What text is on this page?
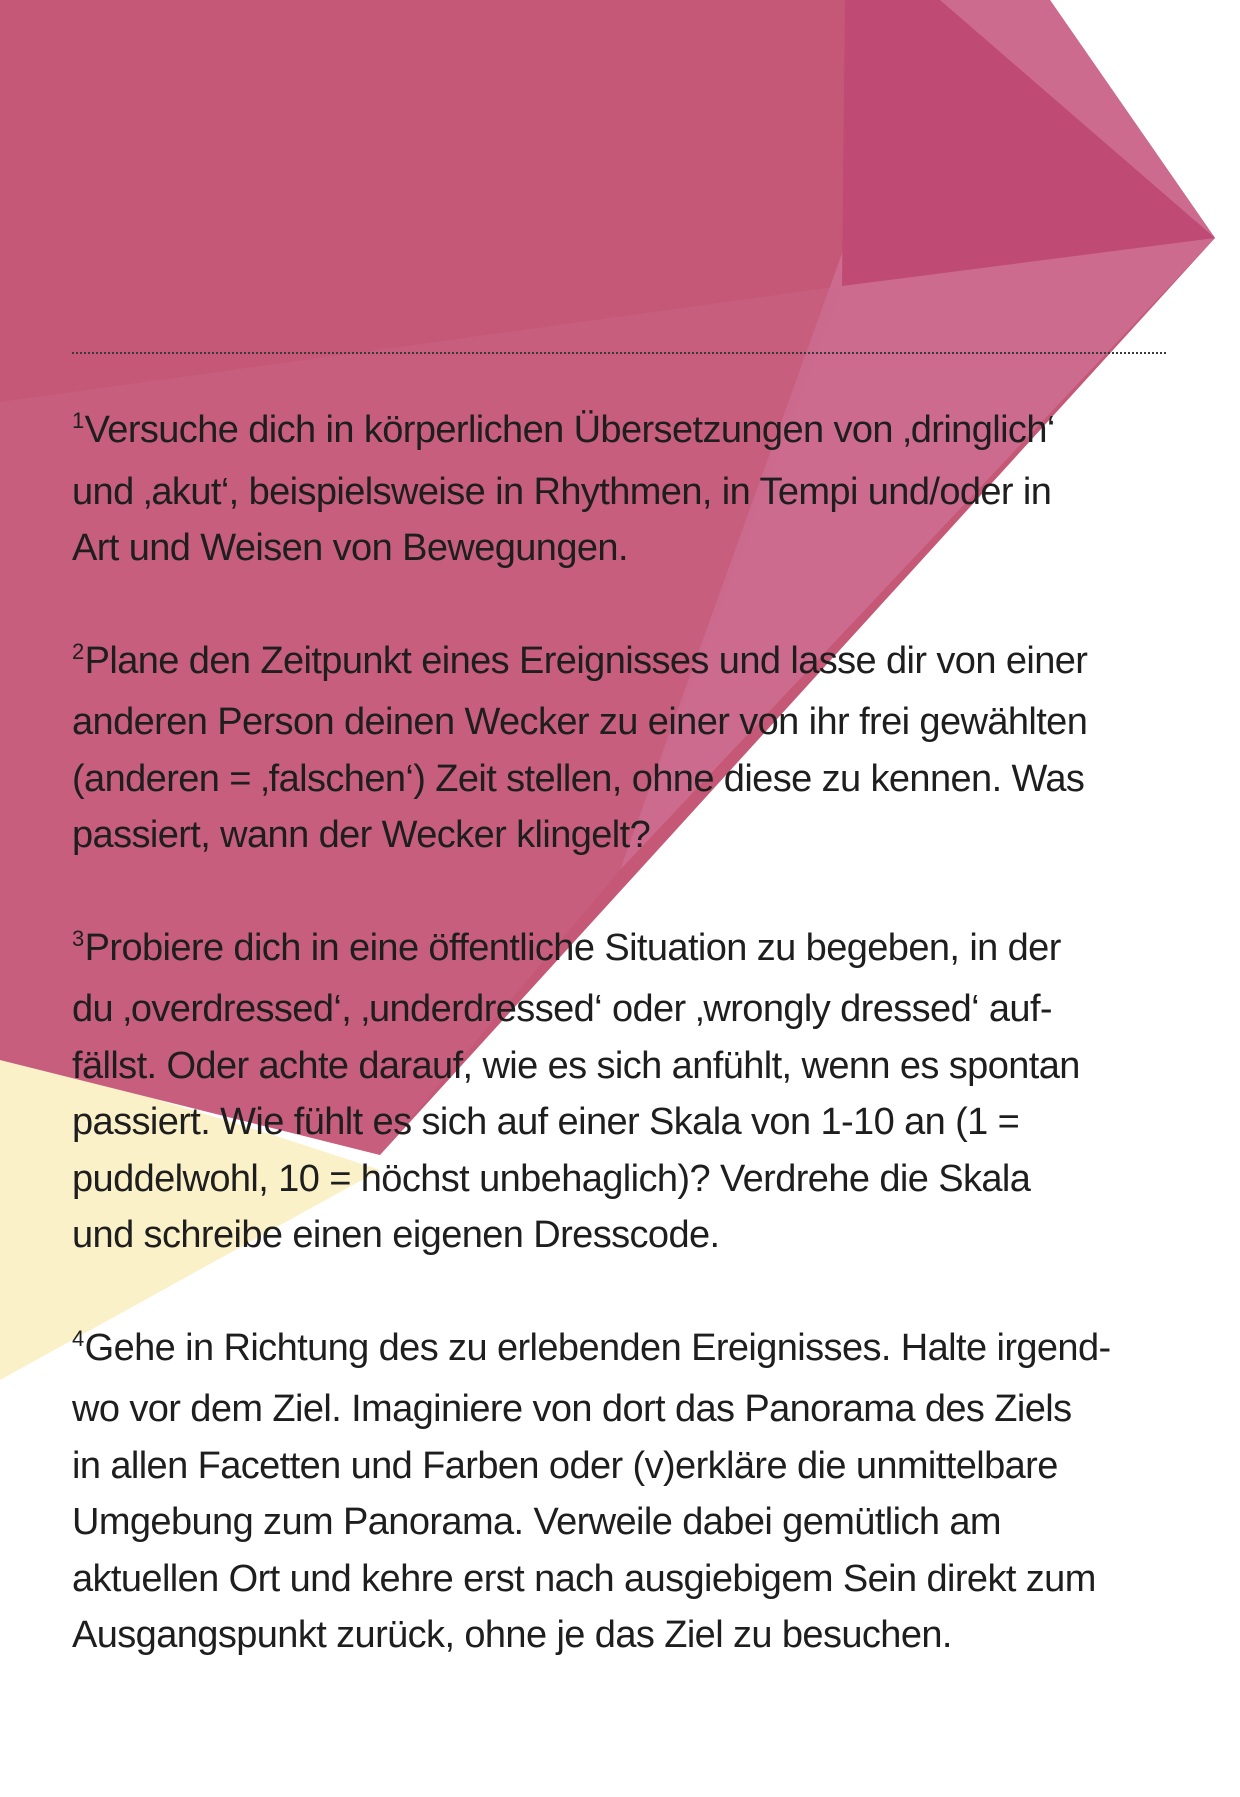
$^1$Versuche dich in körperlichen Übersetzungen von ‚dringlich‘
und ‚akut‘, beispielsweise in Rhythmen, in Tempi und/oder in
Art und Weisen von Bewegungen.

$^2$Plane den Zeitpunkt eines Ereignisses und lasse dir von einer
anderen Person deinen Wecker zu einer von ihr frei gewählten
(anderen = ‚falschen‘) Zeit stellen, ohne diese zu kennen. Was
passiert, wann der Wecker klingelt?

$^3$Probiere dich in eine öffentliche Situation zu begeben, in der
du ‚overdressed‘, ‚underdressed‘ oder ‚wrongly dressed‘ auf-
fällst. Oder achte darauf, wie es sich anfühlt, wenn es spontan
passiert. Wie fühlt es sich auf einer Skala von 1-10 an (1 =
puddelwohl, 10 = höchst unbehaglich)? Verdrehe die Skala
und schreibe einen eigenen Dresscode.

$^4$Gehe in Richtung des zu erlebenden Ereignisses. Halte irgend-
wo vor dem Ziel. Imaginiere von dort das Panorama des Ziels
in allen Facetten und Farben oder (v)erkläre die unmittelbare
Umgebung zum Panorama. Verweile dabei gemütlich am
aktuellen Ort und kehre erst nach ausgiebigem Sein direkt zum
Ausgangspunkt zurück, ohne je das Ziel zu besuchen.
